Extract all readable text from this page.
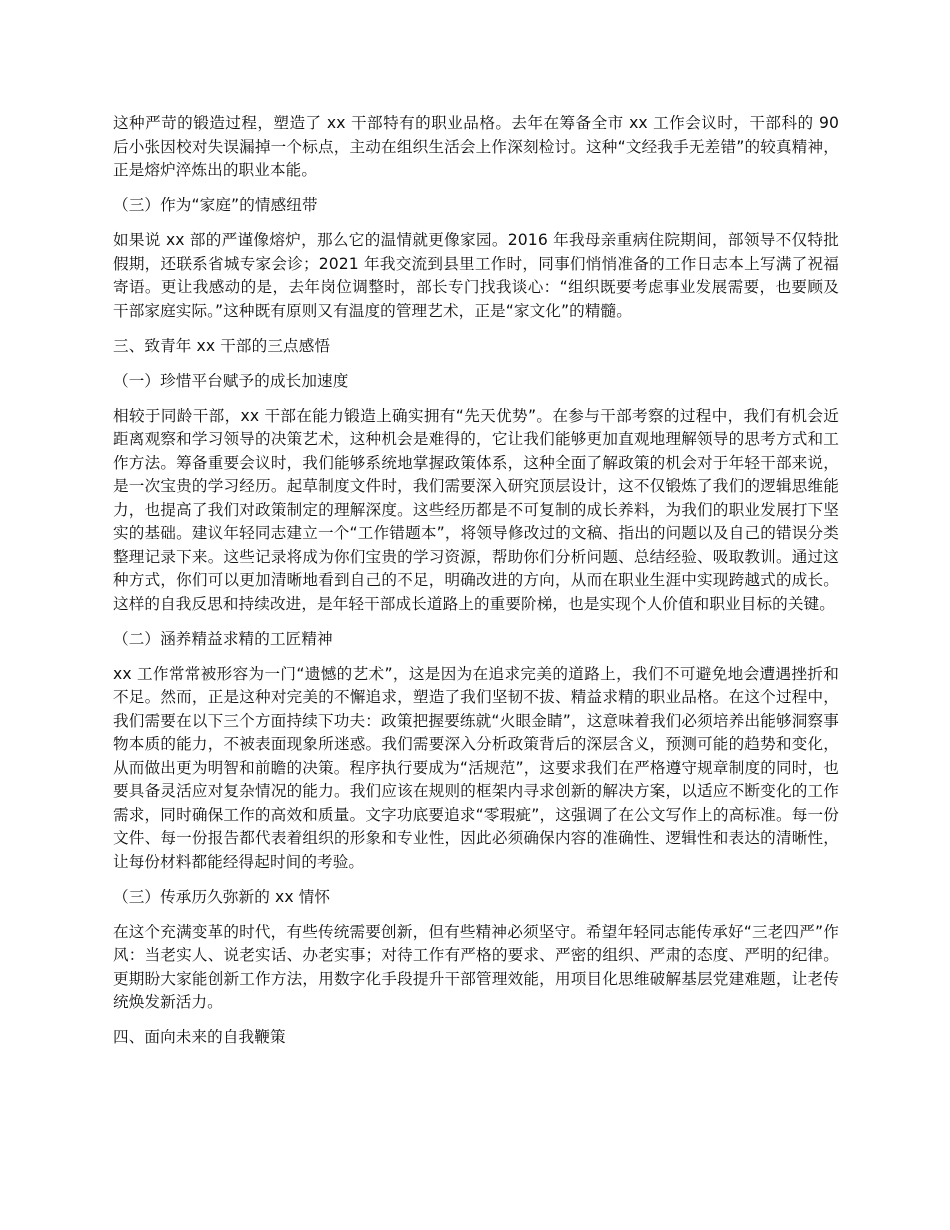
这种严苛的锻造过程，塑造了 xx 干部特有的职业品格。去年在筹备全市 xx 工作会议时，干部科的 90 后小张因校对失误漏掉一个标点，主动在组织生活会上作深刻检讨。这种“文经我手无差错”的较真精神，正是熔炉淬炼出的职业本能。

（三）作为“家庭”的情感纽带

如果说 xx 部的严谨像熔炉，那么它的温情就更像家园。2016 年我母亲重病住院期间，部领导不仅特批假期，还联系省城专家会诊；2021 年我交流到县里工作时，同事们悄悄准备的工作日志本上写满了祝福寄语。更让我感动的是，去年岗位调整时，部长专门找我谈心：“组织既要考虑事业发展需要，也要顾及干部家庭实际。”这种既有原则又有温度的管理艺术，正是“家文化”的精髓。

三、致青年 xx 干部的三点感悟

（一）珍惜平台赋予的成长加速度

相较于同龄干部，xx 干部在能力锻造上确实拥有“先天优势”。在参与干部考察的过程中，我们有机会近距离观察和学习领导的决策艺术，这种机会是难得的，它让我们能够更加直观地理解领导的思考方式和工作方法。筹备重要会议时，我们能够系统地掌握政策体系，这种全面了解政策的机会对于年轻干部来说，是一次宝贵的学习经历。起草制度文件时，我们需要深入研究顶层设计，这不仅锻炼了我们的逻辑思维能力，也提高了我们对政策制定的理解深度。这些经历都是不可复制的成长养料，为我们的职业发展打下坚实的基础。建议年轻同志建立一个“工作错题本”，将领导修改过的文稿、指出的问题以及自己的错误分类整理记录下来。这些记录将成为你们宝贵的学习资源，帮助你们分析问题、总结经验、吸取教训。通过这种方式，你们可以更加清晰地看到自己的不足，明确改进的方向，从而在职业生涯中实现跨越式的成长。这样的自我反思和持续改进，是年轻干部成长道路上的重要阶梯，也是实现个人价值和职业目标的关键。

（二）涵养精益求精的工匠精神

xx 工作常常被形容为一门“遗憾的艺术”，这是因为在追求完美的道路上，我们不可避免地会遭遇挫折和不足。然而，正是这种对完美的不懈追求，塑造了我们坚韧不拔、精益求精的职业品格。在这个过程中，我们需要在以下三个方面持续下功夫：政策把握要练就“火眼金睛”，这意味着我们必须培养出能够洞察事物本质的能力，不被表面现象所迷惑。我们需要深入分析政策背后的深层含义，预测可能的趋势和变化，从而做出更为明智和前瞻的决策。程序执行要成为“活规范”，这要求我们在严格遵守规章制度的同时，也要具备灵活应对复杂情况的能力。我们应该在规则的框架内寻求创新的解决方案，以适应不断变化的工作需求，同时确保工作的高效和质量。文字功底要追求“零瑕疵”，这强调了在公文写作上的高标准。每一份文件、每一份报告都代表着组织的形象和专业性，因此必须确保内容的准确性、逻辑性和表达的清晰性，让每份材料都能经得起时间的考验。

（三）传承历久弥新的 xx 情怀

在这个充满变革的时代，有些传统需要创新，但有些精神必须坚守。希望年轻同志能传承好“三老四严”作风：当老实人、说老实话、办老实事；对待工作有严格的要求、严密的组织、严肃的态度、严明的纪律。更期盼大家能创新工作方法，用数字化手段提升干部管理效能，用项目化思维破解基层党建难题，让老传统焕发新活力。

四、面向未来的自我鞭策
